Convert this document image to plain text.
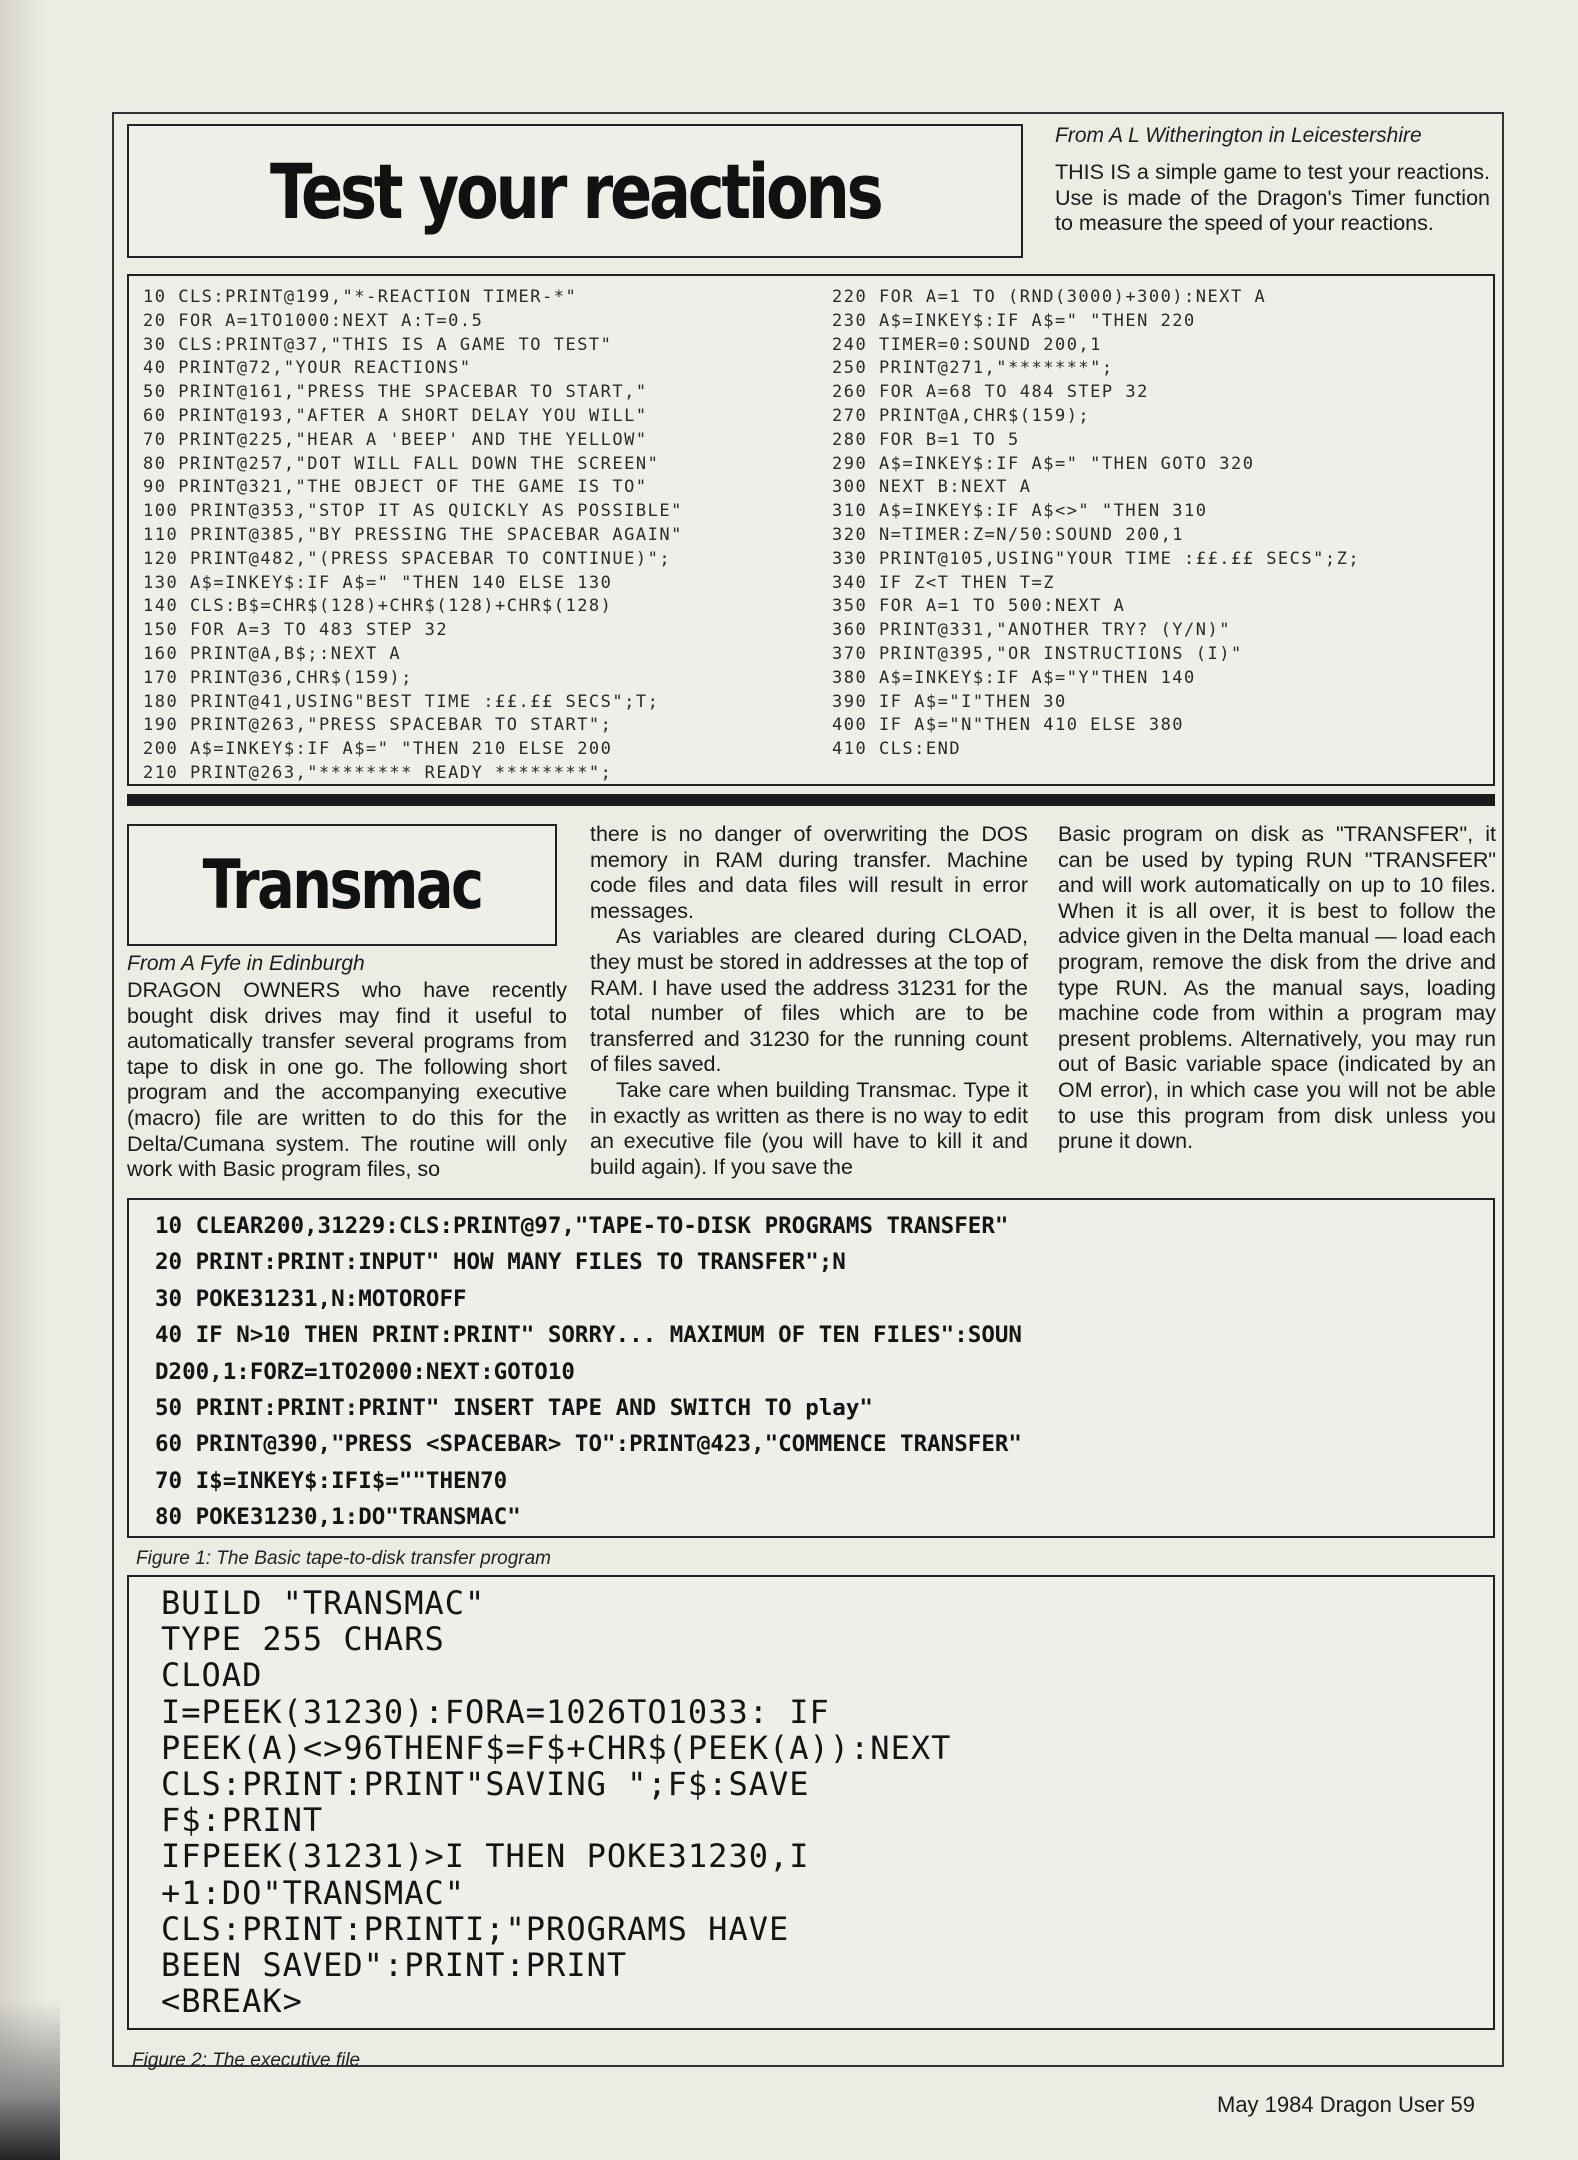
Test your reactions
From A L Witherington in Leicestershire

THIS IS a simple game to test your reactions. Use is made of the Dragon's Timer function to measure the speed of your reactions.

10 CLS:PRINT@199,"*-REACTION TIMER-*"
20 FOR A=1TO1000:NEXT A:T=0.5
30 CLS:PRINT@37,"THIS IS A GAME TO TEST"
40 PRINT@72,"YOUR REACTIONS"
50 PRINT@161,"PRESS THE SPACEBAR TO START,"
60 PRINT@193,"AFTER A SHORT DELAY YOU WILL"
70 PRINT@225,"HEAR A 'BEEP' AND THE YELLOW"
80 PRINT@257,"DOT WILL FALL DOWN THE SCREEN"
90 PRINT@321,"THE OBJECT OF THE GAME IS TO"
100 PRINT@353,"STOP IT AS QUICKLY AS POSSIBLE"
110 PRINT@385,"BY PRESSING THE SPACEBAR AGAIN"
120 PRINT@482,"(PRESS SPACEBAR TO CONTINUE)";
130 A$=INKEY$:IF A$=" "THEN 140 ELSE 130
140 CLS:B$=CHR$(128)+CHR$(128)+CHR$(128)
150 FOR A=3 TO 483 STEP 32
160 PRINT@A,B$;:NEXT A
170 PRINT@36,CHR$(159);
180 PRINT@41,USING"BEST TIME :££.££ SECS";T;
190 PRINT@263,"PRESS SPACEBAR TO START";
200 A$=INKEY$:IF A$=" "THEN 210 ELSE 200
210 PRINT@263,"******** READY ********";
220 FOR A=1 TO (RND(3000)+300):NEXT A
230 A$=INKEY$:IF A$=" "THEN 220
240 TIMER=0:SOUND 200,1
250 PRINT@271,"*******";
260 FOR A=68 TO 484 STEP 32
270 PRINT@A,CHR$(159);
280 FOR B=1 TO 5
290 A$=INKEY$:IF A$=" "THEN GOTO 320
300 NEXT B:NEXT A
310 A$=INKEY$:IF A$<>" "THEN 310
320 N=TIMER:Z=N/50:SOUND 200,1
330 PRINT@105,USING"YOUR TIME :££.££ SECS";Z;
340 IF Z<T THEN T=Z
350 FOR A=1 TO 500:NEXT A
360 PRINT@331,"ANOTHER TRY? (Y/N)"
370 PRINT@395,"OR INSTRUCTIONS (I)"
380 A$=INKEY$:IF A$="Y"THEN 140
390 IF A$="I"THEN 30
400 IF A$="N"THEN 410 ELSE 380
410 CLS:END
Transmac
From A Fyfe in Edinburgh

DRAGON OWNERS who have recently bought disk drives may find it useful to automatically transfer several programs from tape to disk in one go. The following short program and the accompanying executive (macro) file are written to do this for the Delta/Cumana system. The routine will only work with Basic program files, so

there is no danger of overwriting the DOS memory in RAM during transfer. Machine code files and data files will result in error messages.

As variables are cleared during CLOAD, they must be stored in addresses at the top of RAM. I have used the address 31231 for the total number of files which are to be transferred and 31230 for the running count of files saved.

Take care when building Transmac. Type it in exactly as written as there is no way to edit an executive file (you will have to kill it and build again). If you save the

Basic program on disk as "TRANSFER", it can be used by typing RUN "TRANSFER" and will work automatically on up to 10 files. When it is all over, it is best to follow the advice given in the Delta manual — load each program, remove the disk from the drive and type RUN. As the manual says, loading machine code from within a program may present problems. Alternatively, you may run out of Basic variable space (indicated by an OM error), in which case you will not be able to use this program from disk unless you prune it down.

10 CLEAR200,31229:CLS:PRINT@97,"TAPE-TO-DISK PROGRAMS TRANSFER"
20 PRINT:PRINT:INPUT" HOW MANY FILES TO TRANSFER";N
30 POKE31231,N:MOTOROFF
40 IF N>10 THEN PRINT:PRINT" SORRY... MAXIMUM OF TEN FILES":SOUN
D200,1:FORZ=1TO2000:NEXT:GOTO10
50 PRINT:PRINT:PRINT" INSERT TAPE AND SWITCH TO play"
60 PRINT@390,"PRESS <SPACEBAR> TO":PRINT@423,"COMMENCE TRANSFER"
70 I$=INKEY$:IFI$=""THEN70
80 POKE31230,1:DO"TRANSMAC"
Figure 1: The Basic tape-to-disk transfer program
BUILD "TRANSMAC"
TYPE 255 CHARS
CLOAD
I=PEEK(31230):FORA=1026TO1033: IF
PEEK(A)<>96THENF$=F$+CHR$(PEEK(A)):NEXT
CLS:PRINT:PRINT"SAVING ";F$:SAVE
F$:PRINT
IFPEEK(31231)>I THEN POKE31230,I
+1:DO"TRANSMAC"
CLS:PRINT:PRINTI;"PROGRAMS HAVE
BEEN SAVED":PRINT:PRINT
<BREAK>
Figure 2: The executive file
May 1984 Dragon User 59
